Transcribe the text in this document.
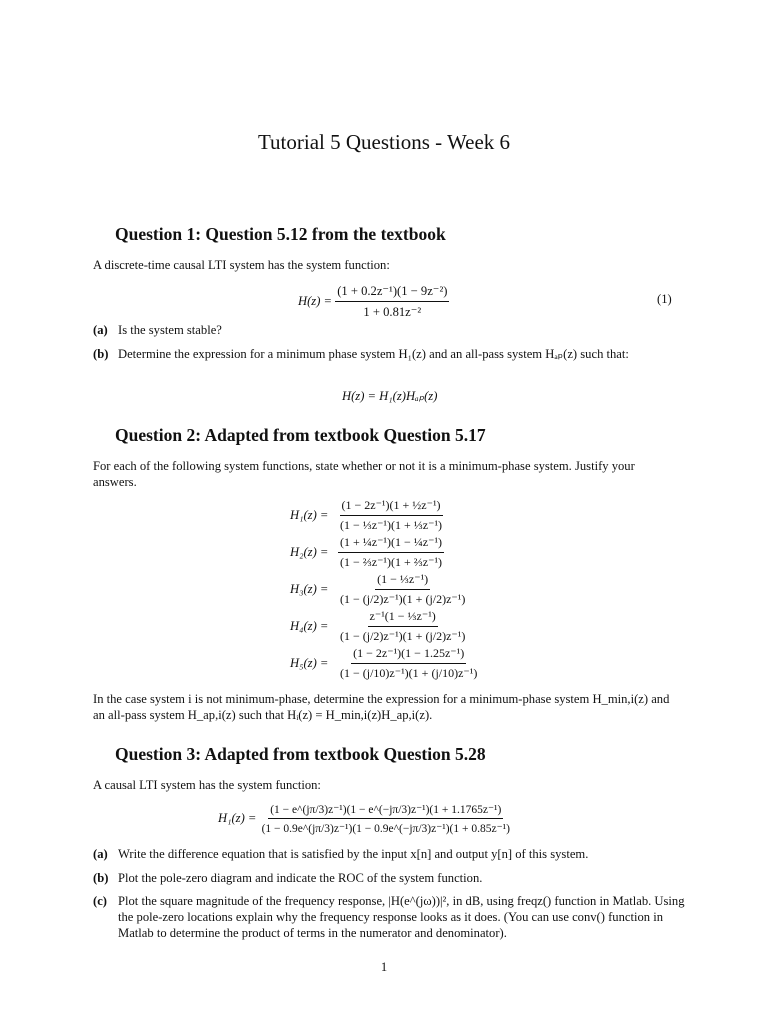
Tutorial 5 Questions - Week 6
Question 1: Question 5.12 from the textbook
A discrete-time causal LTI system has the system function:
$H(z) = \frac{\text{(1 + 0.2z⁻¹)(1 − 9z⁻²)}}{\text{1 + 0.81z⁻²}}$	(1)
(a) Is the system stable?
(b) Determine the expression for a minimum phase system H₁(z) and an all-pass system Hₐₚ(z) such that:
H(z) = H₁(z)Hₐₚ(z)
Question 2: Adapted from textbook Question 5.17
For each of the following system functions, state whether or not it is a minimum-phase system. Justify your answers.
$H_1(z) = \frac{\text{(1 − 2z⁻¹)(1 + ½z⁻¹)}}{\text{(1 − ⅓z⁻¹)(1 + ⅓z⁻¹)}}$
$H_2(z) = \frac{\text{(1 + ¼z⁻¹)(1 − ¼z⁻¹)}}{\text{(1 − ⅔z⁻¹)(1 + ⅔z⁻¹)}}$
$H_3(z) = \frac{\text{(1 − ⅓z⁻¹)}}{\text{(1 − (j/2)z⁻¹)(1 + (j/2)z⁻¹)}}$
$H_4(z) = \frac{\text{z⁻¹(1 − ⅓z⁻¹)}}{\text{(1 − (j/2)z⁻¹)(1 + (j/2)z⁻¹)}}$
$H_5(z) = \frac{\text{(1 − 2z⁻¹)(1 − 1.25z⁻¹)}}{\text{(1 − (j/10)z⁻¹)(1 + (j/10)z⁻¹)}}$
In the case system i is not minimum-phase, determine the expression for a minimum-phase system H_min,i(z) and an all-pass system H_ap,i(z) such that Hᵢ(z) = H_min,i(z)H_ap,i(z).
Question 3: Adapted from textbook Question 5.28
A causal LTI system has the system function:
$H_1(z) = \frac{\text{(1 − e\textasciicircum{}(jπ/3)z⁻¹)(1 − e\textasciicircum{}(−jπ/3)z⁻¹)(1 + 1.1765z⁻¹)}}{\text{(1 − 0.9e\textasciicircum{}(jπ/3)z⁻¹)(1 − 0.9e\textasciicircum{}(−jπ/3)z⁻¹)(1 + 0.85z⁻¹)}}$
(a) Write the difference equation that is satisfied by the input x[n] and output y[n] of this system.
(b) Plot the pole-zero diagram and indicate the ROC of the system function.
(c) Plot the square magnitude of the frequency response, |H(e^(jω))|², in dB, using freqz() function in Matlab. Using the pole-zero locations explain why the frequency response looks as it does. (You can use conv() function in Matlab to determine the product of terms in the numerator and denominator).
1
